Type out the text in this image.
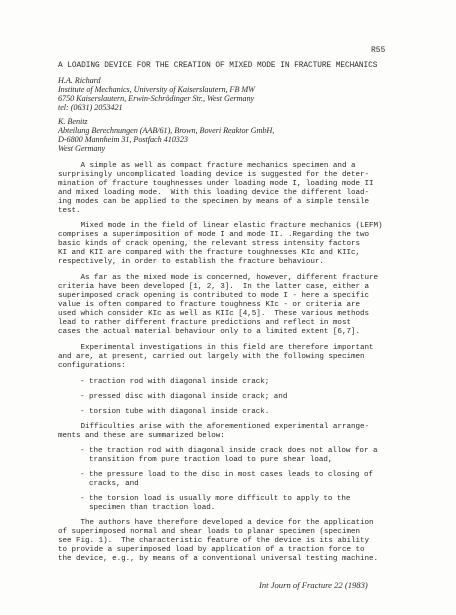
R55
A LOADING DEVICE FOR THE CREATION OF MIXED MODE IN FRACTURE MECHANICS
H.A. Richard
Institute of Mechanics, University of Kaiserslautern, FB MW
6750 Kaiserslautern, Erwin-Schrödinger Str., West Germany
tel: (0631) 2053421
K. Benitz
Abteilung Berechnungen (AAB/61), Brown, Boveri Reaktor GmbH,
D-6800 Mannheim 31, Postfach 410323
West Germany
A simple as well as compact fracture mechanics specimen and a
surprisingly uncomplicated loading device is suggested for the deter-
mination of fracture toughnesses under loading mode I, loading mode II
and mixed loading mode.  With this loading device the different load-
ing modes can be applied to the specimen by means of a simple tensile
test.
Mixed mode in the field of linear elastic fracture mechanics (LEFM)
comprises a superimposition of mode I and mode II. .Regarding the two
basic kinds of crack opening, the relevant stress intensity factors
KI and KII are compared with the fracture toughnesses KIc and KIIc,
respectively, in order to establish the fracture behaviour.
As far as the mixed mode is concerned, however, different fracture
criteria have been developed [1, 2, 3].  In the latter case, either a
superimposed crack opening is contributed to mode I - here a specific
value is often compared to fracture toughness KIc - or criteria are
used which consider KIc as well as KIIc [4,5].  These various methods
lead to rather different fracture predictions and reflect in most
cases the actual material behaviour only to a limited extent [6,7].
Experimental investigations in this field are therefore important
and are, at present, carried out largely with the following specimen
configurations:
- traction rod with diagonal inside crack;
- pressed disc with diagonal inside crack; and
- torsion tube with diagonal inside crack.
Difficulties arise with the aforementioned experimental arrange-
ments and these are summarized below:
- the traction rod with diagonal inside crack does not allow for a
transition from pure traction load to pure shear load,
- the pressure load to the disc in most cases leads to closing of
cracks, and
- the torsion load is usually more difficult to apply to the
specimen than traction load.
The authors have therefore developed a device for the application
of superimposed normal and shear loads to planar specimen (specimen
see Fig. 1).  The characteristic feature of the device is its ability
to provide a superimposed load by application of a traction force to
the device, e.g., by means of a conventional universal testing machine.
Int Journ of Fracture 22 (1983)
